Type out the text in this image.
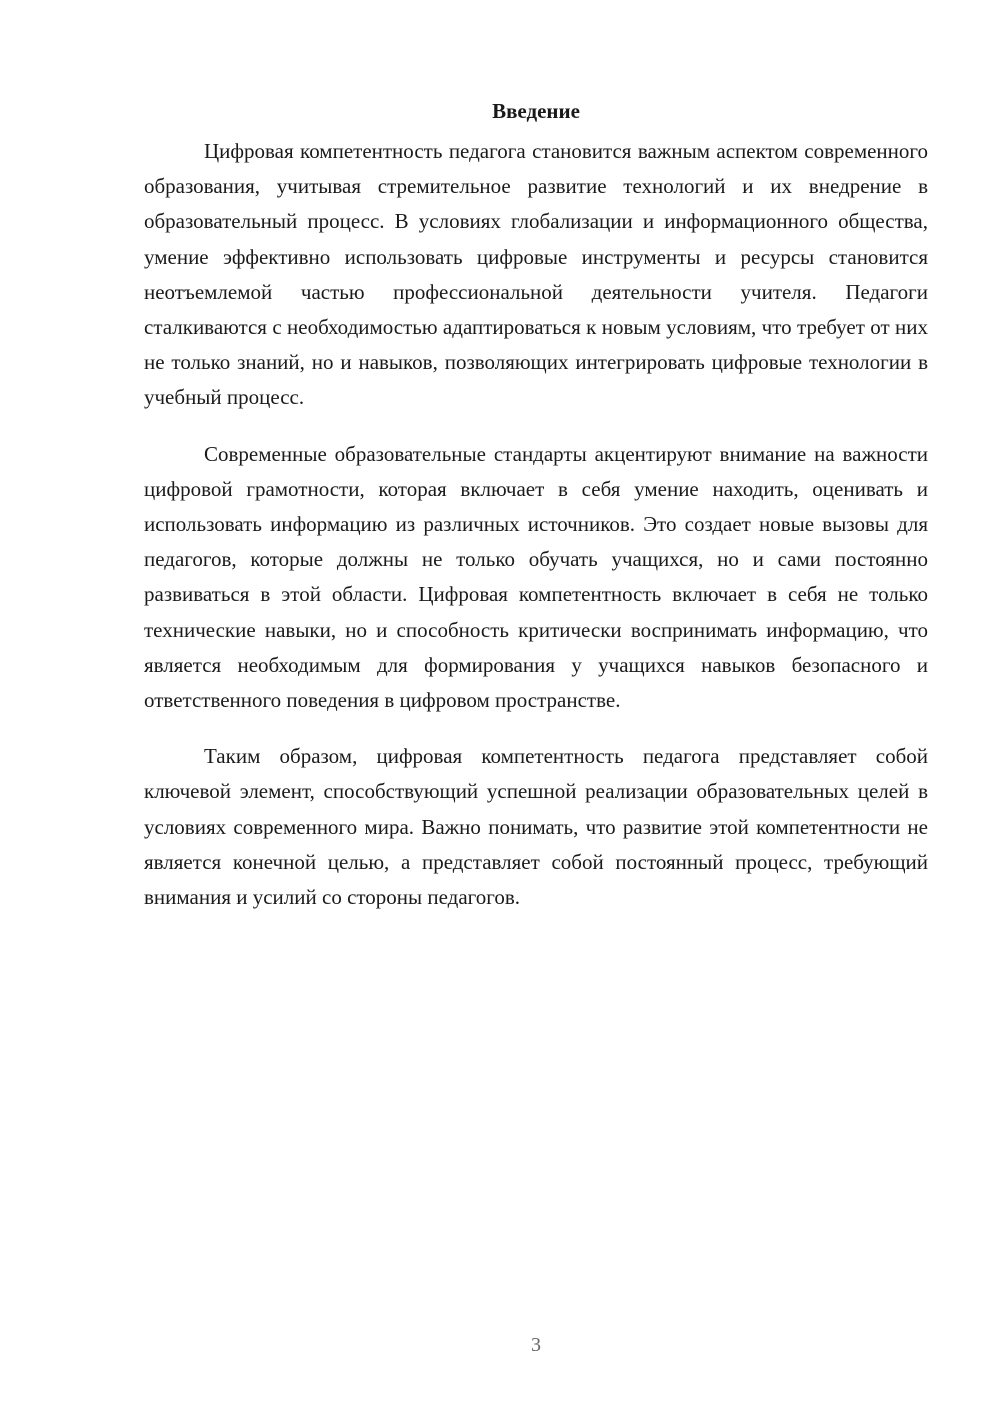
Введение

Цифровая компетентность педагога становится важным аспектом современного образования, учитывая стремительное развитие технологий и их внедрение в образовательный процесс. В условиях глобализации и информационного общества, умение эффективно использовать цифровые инструменты и ресурсы становится неотъемлемой частью профессиональной деятельности учителя. Педагоги сталкиваются с необходимостью адаптироваться к новым условиям, что требует от них не только знаний, но и навыков, позволяющих интегрировать цифровые технологии в учебный процесс.

Современные образовательные стандарты акцентируют внимание на важности цифровой грамотности, которая включает в себя умение находить, оценивать и использовать информацию из различных источников. Это создает новые вызовы для педагогов, которые должны не только обучать учащихся, но и сами постоянно развиваться в этой области. Цифровая компетентность включает в себя не только технические навыки, но и способность критически воспринимать информацию, что является необходимым для формирования у учащихся навыков безопасного и ответственного поведения в цифровом пространстве.

Таким образом, цифровая компетентность педагога представляет собой ключевой элемент, способствующий успешной реализации образовательных целей в условиях современного мира. Важно понимать, что развитие этой компетентности не является конечной целью, а представляет собой постоянный процесс, требующий внимания и усилий со стороны педагогов.

3
